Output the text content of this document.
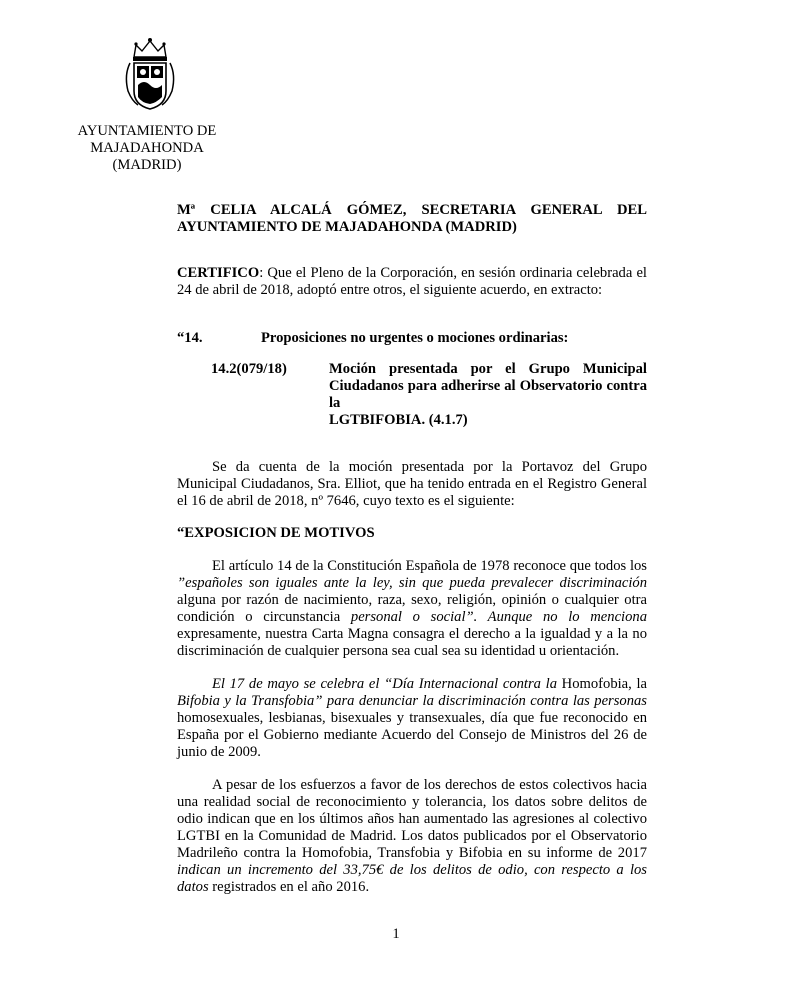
AYUNTAMIENTO DE
MAJADAHONDA
(MADRID)
Mª CELIA ALCALÁ GÓMEZ, SECRETARIA GENERAL DEL
AYUNTAMIENTO DE MAJADAHONDA (MADRID)

CERTIFICO: Que el Pleno de la Corporación, en sesión ordinaria celebrada el 24 de abril de 2018, adoptó entre otros, el siguiente acuerdo, en extracto:

“14.	Proposiciones no urgentes o mociones ordinarias:
14.2(079/18)	Moción presentada por el Grupo Municipal
Ciudadanos para adherirse al Observatorio contra la
LGTBIFOBIA. (4.1.7)

Se da cuenta de la moción presentada por la Portavoz del Grupo Municipal Ciudadanos, Sra. Elliot, que ha tenido entrada en el Registro General el 16 de abril de 2018, nº 7646, cuyo texto es el siguiente:

“EXPOSICION DE MOTIVOS

El artículo 14 de la Constitución Española de 1978 reconoce que todos los ”españoles son iguales ante la ley, sin que pueda prevalecer discriminación alguna por razón de nacimiento, raza, sexo, religión, opinión o cualquier otra condición o circunstancia personal o social”. Aunque no lo menciona expresamente, nuestra Carta Magna consagra el derecho a la igualdad y a la no discriminación de cualquier persona sea cual sea su identidad u orientación.

El 17 de mayo se celebra el “Día Internacional contra la Homofobia, la Bifobia y la Transfobia” para denunciar la discriminación contra las personas homosexuales, lesbianas, bisexuales y transexuales, día que fue reconocido en España por el Gobierno mediante Acuerdo del Consejo de Ministros del 26 de junio de 2009.

A pesar de los esfuerzos a favor de los derechos de estos colectivos hacia una realidad social de reconocimiento y tolerancia, los datos sobre delitos de odio indican que en los últimos años han aumentado las agresiones al colectivo LGTBI en la Comunidad de Madrid. Los datos publicados por el Observatorio Madrileño contra la Homofobia, Transfobia y Bifobia en su informe de 2017 indican un incremento del 33,75€ de los delitos de odio, con respecto a los datos registrados en el año 2016.

1
